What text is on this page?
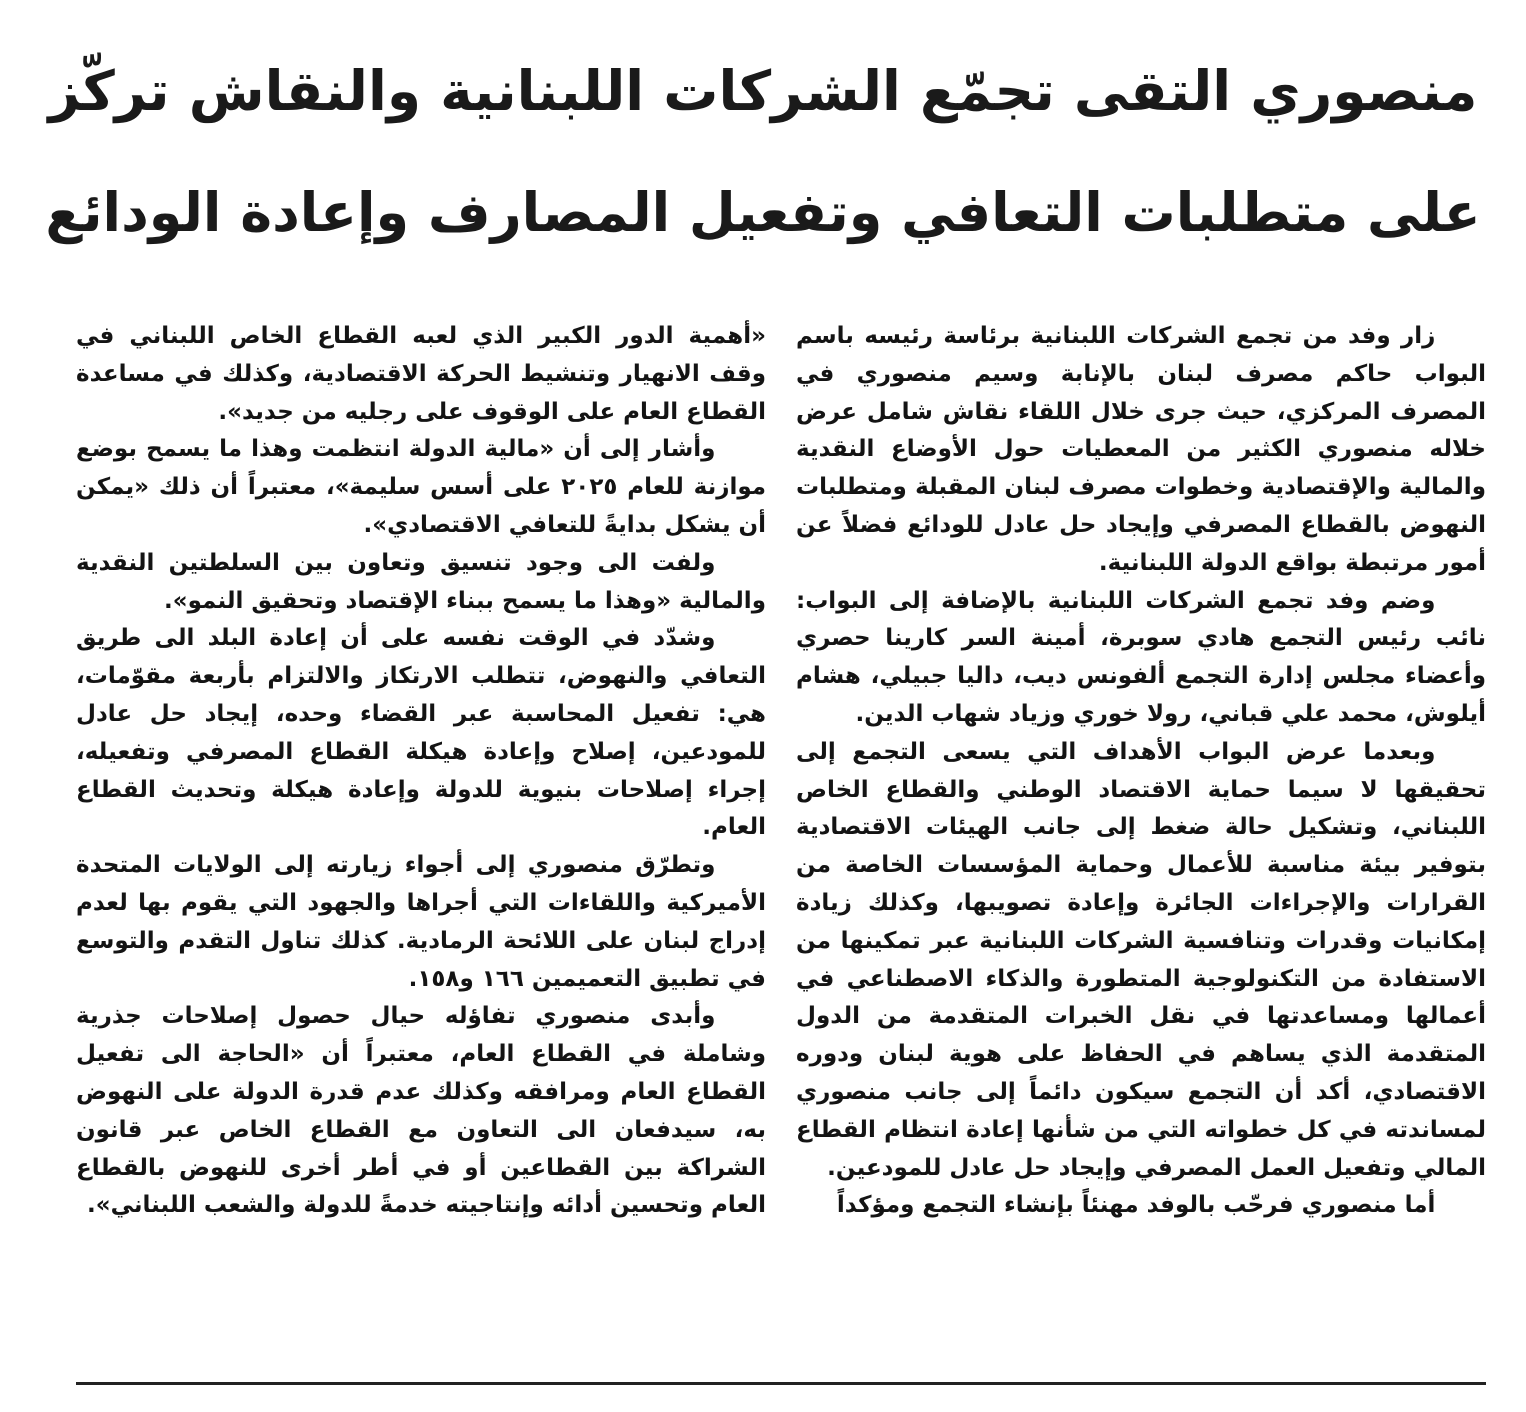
منصوري التقى تجمّع الشركات اللبنانية والنقاش تركّز
على متطلبات التعافي وتفعيل المصارف وإعادة الودائع

زار وفد من تجمع الشركات اللبنانية برئاسة رئيسه باسم البواب حاكم مصرف لبنان بالإنابة وسيم منصوري في المصرف المركزي، حيث جرى خلال اللقاء نقاش شامل عرض خلاله منصوري الكثير من المعطيات حول الأوضاع النقدية والمالية والإقتصادية وخطوات مصرف لبنان المقبلة ومتطلبات النهوض بالقطاع المصرفي وإيجاد حل عادل للودائع فضلاً عن أمور مرتبطة بواقع الدولة اللبنانية.

وضم وفد تجمع الشركات اللبنانية بالإضافة إلى البواب: نائب رئيس التجمع هادي سوبرة، أمينة السر كارينا حصري وأعضاء مجلس إدارة التجمع ألفونس ديب، داليا جبيلي، هشام أيلوش، محمد علي قباني، رولا خوري وزياد شهاب الدين.

وبعدما عرض البواب الأهداف التي يسعى التجمع إلى تحقيقها لا سيما حماية الاقتصاد الوطني والقطاع الخاص اللبناني، وتشكيل حالة ضغط إلى جانب الهيئات الاقتصادية بتوفير بيئة مناسبة للأعمال وحماية المؤسسات الخاصة من القرارات والإجراءات الجائرة وإعادة تصويبها، وكذلك زيادة إمكانيات وقدرات وتنافسية الشركات اللبنانية عبر تمكينها من الاستفادة من التكنولوجية المتطورة والذكاء الاصطناعي في أعمالها ومساعدتها في نقل الخبرات المتقدمة من الدول المتقدمة الذي يساهم في الحفاظ على هوية لبنان ودوره الاقتصادي، أكد أن التجمع سيكون دائماً إلى جانب منصوري لمساندته في كل خطواته التي من شأنها إعادة انتظام القطاع المالي وتفعيل العمل المصرفي وإيجاد حل عادل للمودعين.

أما منصوري فرحّب بالوفد مهنئاً بإنشاء التجمع ومؤكداً

«أهمية الدور الكبير الذي لعبه القطاع الخاص اللبناني في وقف الانهيار وتنشيط الحركة الاقتصادية، وكذلك في مساعدة القطاع العام على الوقوف على رجليه من جديد».

وأشار إلى أن «مالية الدولة انتظمت وهذا ما يسمح بوضع موازنة للعام ٢٠٢٥ على أسس سليمة»، معتبراً أن ذلك «يمكن أن يشكل بدايةً للتعافي الاقتصادي».

ولفت الى وجود تنسيق وتعاون بين السلطتين النقدية والمالية «وهذا ما يسمح ببناء الإقتصاد وتحقيق النمو».

وشدّد في الوقت نفسه على أن إعادة البلد الى طريق التعافي والنهوض، تتطلب الارتكاز والالتزام بأربعة مقوّمات، هي: تفعيل المحاسبة عبر القضاء وحده، إيجاد حل عادل للمودعين، إصلاح وإعادة هيكلة القطاع المصرفي وتفعيله، إجراء إصلاحات بنيوية للدولة وإعادة هيكلة وتحديث القطاع العام.

وتطرّق منصوري إلى أجواء زيارته إلى الولايات المتحدة الأميركية واللقاءات التي أجراها والجهود التي يقوم بها لعدم إدراج لبنان على اللائحة الرمادية. كذلك تناول التقدم والتوسع في تطبيق التعميمين ١٦٦ و١٥٨.

وأبدى منصوري تفاؤله حيال حصول إصلاحات جذرية وشاملة في القطاع العام، معتبراً أن «الحاجة الى تفعيل القطاع العام ومرافقه وكذلك عدم قدرة الدولة على النهوض به، سيدفعان الى التعاون مع القطاع الخاص عبر قانون الشراكة بين القطاعين أو في أطر أخرى للنهوض بالقطاع العام وتحسين أدائه وإنتاجيته خدمةً للدولة والشعب اللبناني».
